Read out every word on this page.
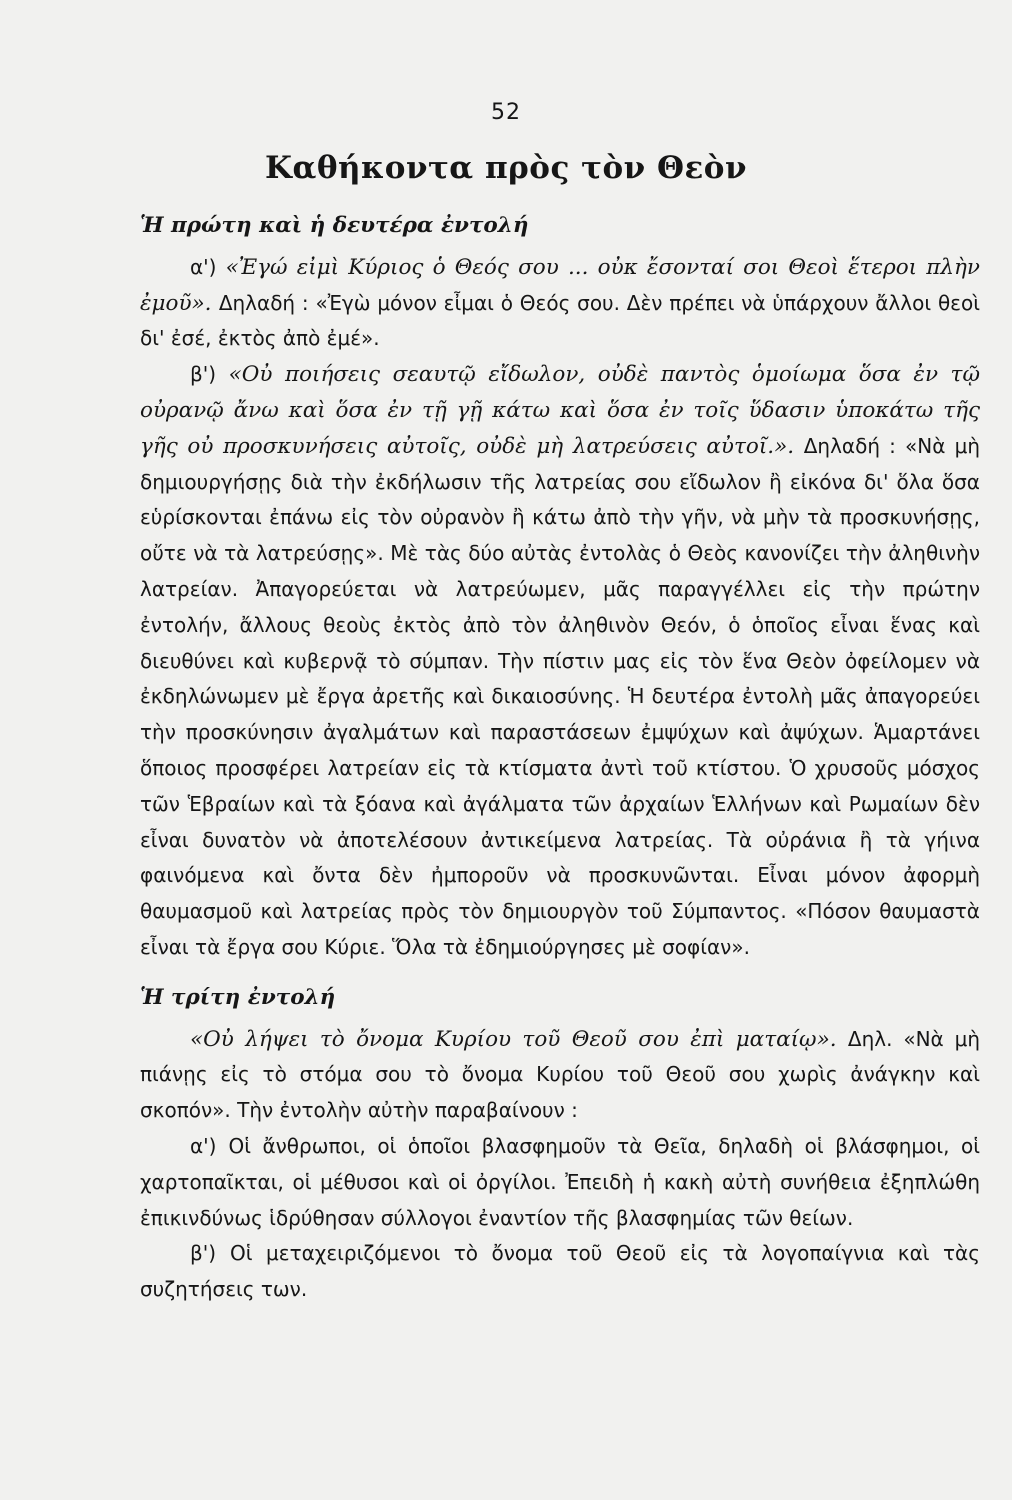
52
Καθήκοντα πρὸς τὸν Θεὸν
Ἡ πρώτη καὶ ἡ δευτέρα ἐντολή

α') «Ἐγώ εἰμὶ Κύριος ὁ Θεός σου ... οὐκ ἔσονταί σοι Θεοὶ ἕτεροι πλὴν ἐμοῦ». Δηλαδή : «Ἐγὼ μόνον εἶμαι ὁ Θεός σου. Δὲν πρέπει νὰ ὑπάρχουν ἄλλοι θεοὶ δι' ἐσέ, ἐκτὸς ἀπὸ ἐμέ».

β') «Οὐ ποιήσεις σεαυτῷ εἴδωλον, οὐδὲ παντὸς ὁμοίωμα ὅσα ἐν τῷ οὐρανῷ ἄνω καὶ ὅσα ἐν τῇ γῇ κάτω καὶ ὅσα ἐν τοῖς ὕδασιν ὑποκάτω τῆς γῆς οὐ προσκυνήσεις αὐτοῖς, οὐδὲ μὴ λατρεύσεις αὐτοῖ.». Δηλαδή : «Νὰ μὴ δημιουργήσῃς διὰ τὴν ἐκδήλωσιν τῆς λατρείας σου εἴδωλον ἢ εἰκόνα δι' ὅλα ὅσα εὑρίσκονται ἐπάνω εἰς τὸν οὐρανὸν ἢ κάτω ἀπὸ τὴν γῆν, νὰ μὴν τὰ προσκυνήσῃς, οὔτε νὰ τὰ λατρεύσῃς». Μὲ τὰς δύο αὐτὰς ἐντολὰς ὁ Θεὸς κανονίζει τὴν ἀληθινὴν λατρείαν. Ἀπαγορεύεται νὰ λατρεύωμεν, μᾶς παραγγέλλει εἰς τὴν πρώτην ἐντολήν, ἄλλους θεοὺς ἐκτὸς ἀπὸ τὸν ἀληθινὸν Θεόν, ὁ ὁποῖος εἶναι ἕνας καὶ διευθύνει καὶ κυβερνᾷ τὸ σύμπαν. Τὴν πίστιν μας εἰς τὸν ἕνα Θεὸν ὀφείλομεν νὰ ἐκδηλώνωμεν μὲ ἔργα ἀρετῆς καὶ δικαιοσύνης. Ἡ δευτέρα ἐντολὴ μᾶς ἀπαγορεύει τὴν προσκύνησιν ἀγαλμάτων καὶ παραστάσεων ἐμψύχων καὶ ἀψύχων. Ἁμαρτάνει ὅποιος προσφέρει λατρείαν εἰς τὰ κτίσματα ἀντὶ τοῦ κτίστου. Ὁ χρυσοῦς μόσχος τῶν Ἑβραίων καὶ τὰ ξόανα καὶ ἀγάλματα τῶν ἀρχαίων Ἑλλήνων καὶ Ρωμαίων δὲν εἶναι δυνατὸν νὰ ἀποτελέσουν ἀντικείμενα λατρείας. Τὰ οὐράνια ἢ τὰ γήινα φαινόμενα καὶ ὄντα δὲν ἠμποροῦν νὰ προσκυνῶνται. Εἶναι μόνον ἀφορμὴ θαυμασμοῦ καὶ λατρείας πρὸς τὸν δημιουργὸν τοῦ Σύμπαντος. «Πόσον θαυμαστὰ εἶναι τὰ ἔργα σου Κύριε. Ὅλα τὰ ἐδημιούργησες μὲ σοφίαν».

Ἡ τρίτη ἐντολή

«Οὐ λήψει τὸ ὄνομα Κυρίου τοῦ Θεοῦ σου ἐπὶ ματαίῳ». Δηλ. «Νὰ μὴ πιάνῃς εἰς τὸ στόμα σου τὸ ὄνομα Κυρίου τοῦ Θεοῦ σου χωρὶς ἀνάγκην καὶ σκοπόν». Τὴν ἐντολὴν αὐτὴν παραβαίνουν :

α') Οἱ ἄνθρωποι, οἱ ὁποῖοι βλασφημοῦν τὰ Θεῖα, δηλαδὴ οἱ βλάσφημοι, οἱ χαρτοπαῖκται, οἱ μέθυσοι καὶ οἱ ὀργίλοι. Ἐπειδὴ ἡ κακὴ αὐτὴ συνήθεια ἐξηπλώθη ἐπικινδύνως ἱδρύθησαν σύλλογοι ἐναντίον τῆς βλασφημίας τῶν θείων.

β') Οἱ μεταχειριζόμενοι τὸ ὄνομα τοῦ Θεοῦ εἰς τὰ λογοπαίγνια καὶ τὰς συζητήσεις των.
